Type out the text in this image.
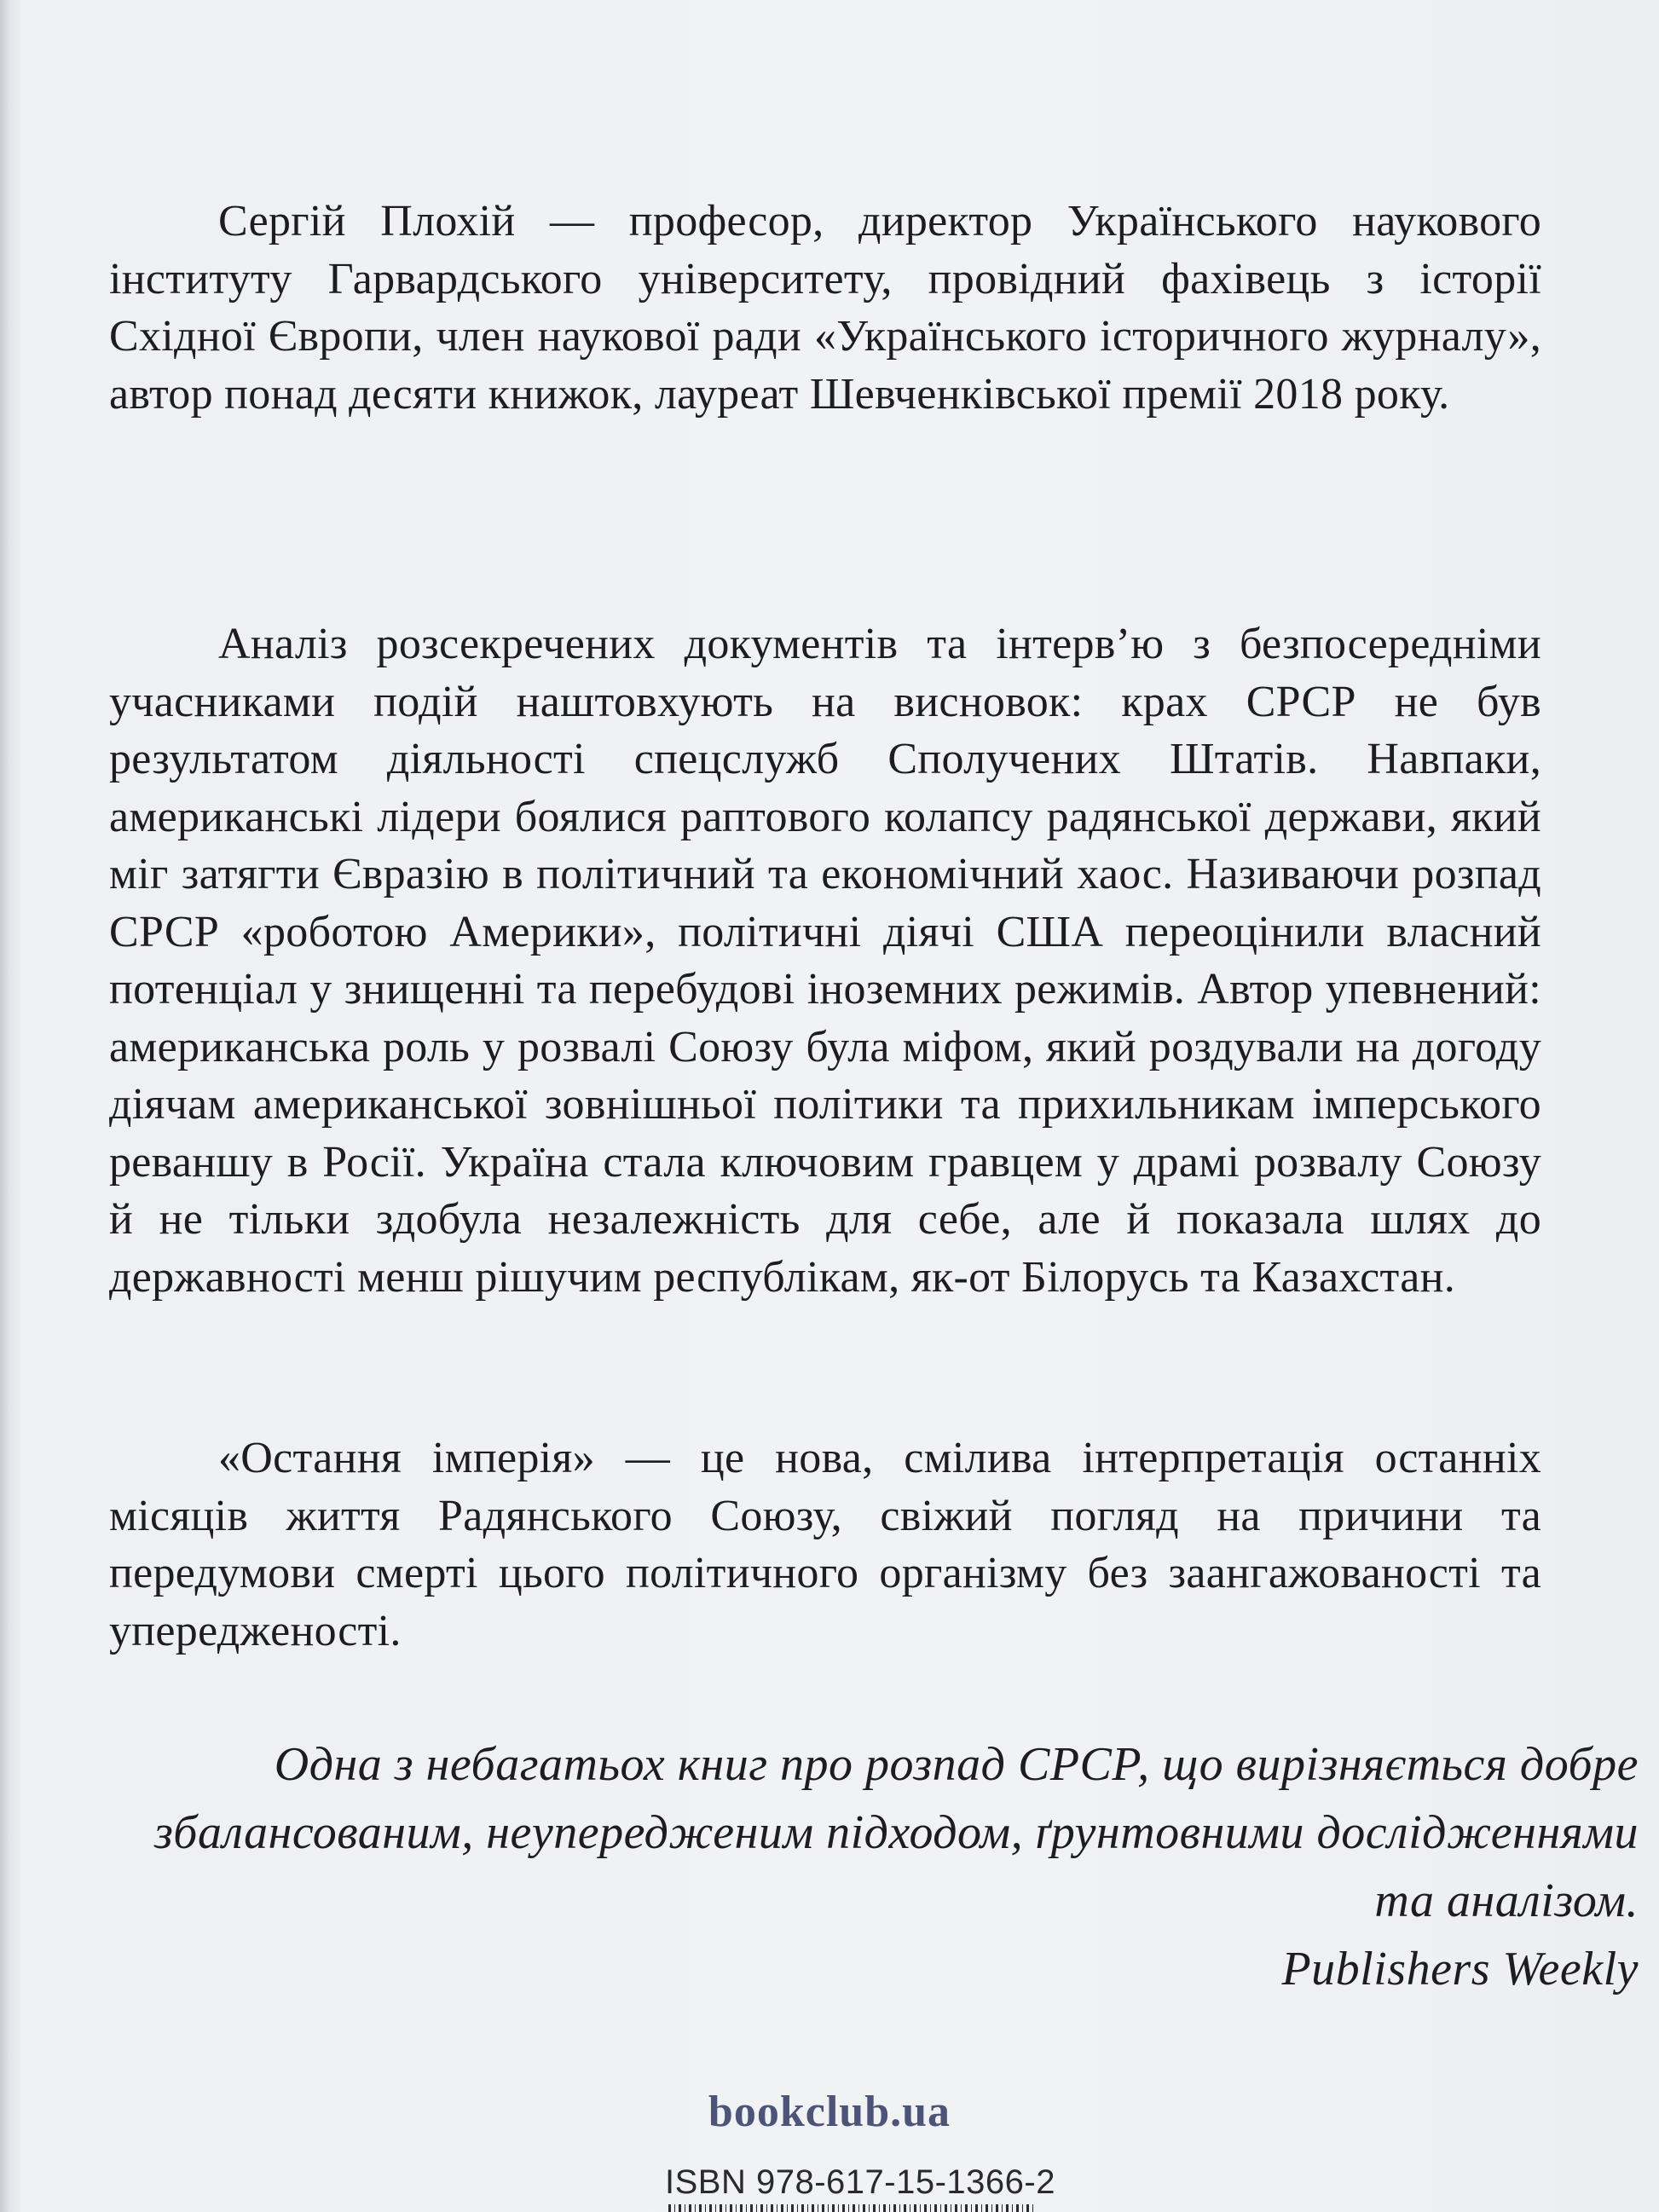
Сергій Плохій — професор, директор Українського наукового інституту Гарвардського університету, провідний фахівець з історії Східної Європи, член наукової ради «Українського історичного журналу», автор понад десяти книжок, лауреат Шевченківської премії 2018 року.

Аналіз розсекречених документів та інтерв’ю з безпосередніми учасниками подій наштовхують на висновок: крах СРСР не був результатом діяльності спецслужб Сполучених Штатів. Навпаки, американські лідери боялися раптового колапсу радянської держави, який міг затягти Євразію в політичний та економічний хаос. Називаючи розпад СРСР «роботою Америки», політичні діячі США переоцінили власний потенціал у знищенні та перебудові іноземних режимів. Автор упевнений: американська роль у розвалі Союзу була міфом, який роздували на догоду діячам американської зовнішньої політики та прихильникам імперського реваншу в Росії. Україна стала ключовим гравцем у драмі розвалу Союзу й не тільки здобула незалежність для себе, але й показала шлях до державності менш рішучим республікам, як-от Білорусь та Казахстан.

«Остання імперія» — це нова, смілива інтерпретація останніх місяців життя Радянського Союзу, свіжий погляд на причини та передумови смерті цього політичного організму без заангажованості та упередженості.

Одна з небагатьох книг про розпад СРСР, що вирізняється добре збалансованим, неупередженим підходом, ґрунтовними дослідженнями та аналізом.
Publishers Weekly

bookclub.ua
ISBN 978-617-15-1366-2
